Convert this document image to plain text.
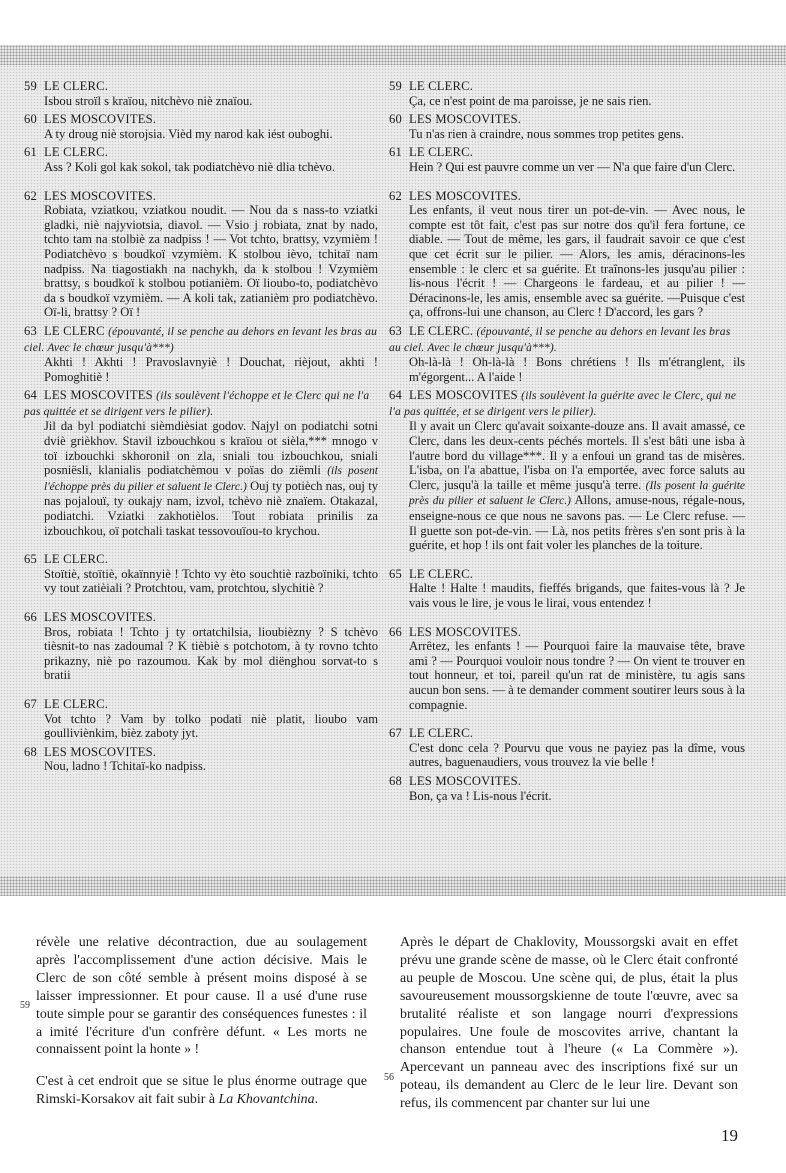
59 LE CLERC.
Isbou stroïl s kraïou, nitchèvo niè znaïou.
60 LES MOSCOVITES.
A ty droug niè storojsia. Vièd my narod kak iést ouboghi.
61 LE CLERC.
Ass ? Koli gol kak sokol, tak podiatchèvo niè dlia tchèvo.
62 LES MOSCOVITES.
Robiata, vziatkou, vziatkou noudit. — Nou da s nass-to vziatki gladki, niè najyviotsia, diavol. — Vsio j robiata, znat by nado, tchto tam na stolbiè za nadpiss ! — Vot tchto, brattsy, vzymièm ! Podiatchèvo s boudkoï vzymièm. K stolbou ièvo, tchitaï nam nadpiss. Na tiagostiakh na nachykh, da k stolbou ! Vzymièm brattsy, s boudkoï k stolbou potianièm. Oï lioubo-to, podiatchèvo da s boudkoï vzymièm. — A koli tak, zatianièm pro podiatchèvo. Oï-li, brattsy ? Oï !
63 LE CLERC (épouvanté, il se penche au dehors en levant les bras au ciel. Avec le chœur jusqu'à***)
Akhti ! Akhti ! Pravoslavnyiè ! Douchat, rièjout, akhti ! Pomoghitiè !
64 LES MOSCOVITES (ils soulèvent l'échoppe et le Clerc qui ne l'a pas quittée et se dirigent vers le pilier).
Jil da byl podiatchi sièmdièsiat godov. Najyl on podiatchi sotni dviè grièkhov. Stavil izbouchkou s kraïou ot sièla,*** mnogo v toï izbouchki skhoronil on zla, sniali tou izbouchkou, sniali posniësli, klanialis podiatchèmou v poïas do ziëmli (ils posent l'échoppe près du pilier et saluent le Clerc.) Ouj ty potièch nas, ouj ty nas pojalouï, ty oukajy nam, izvol, tchèvo niè znaïem. Otakazal, podiatchi. Vziatki zakhotièlos. Tout robiata prinilis za izbouchkou, oï potchali taskat tessovouïou-to krychou.
65 LE CLERC.
Stoïtiè, stoïtiè, okaïnnyiè ! Tchto vy èto souchtiè razboïniki, tchto vy tout zatièiali ? Protchtou, vam, protchtou, slychitiè ?
66 LES MOSCOVITES.
Bros, robiata ! Tchto j ty ortatchilsia, lioubièzny ? S tchèvo tièsnit-to nas zadoumal ? K tièbiè s potchotom, à ty rovno tchto prikazny, niè po razoumou. Kak by mol diënghou sorvat-to s bratii
67 LE CLERC.
Vot tchto ? Vam by tolko podati niè platit, lioubo vam goulliviènkim, bièz zaboty jyt.
68 LES MOSCOVITES.
Nou, ladno ! Tchitaï-ko nadpiss.
59 LE CLERC.
Ça, ce n'est point de ma paroisse, je ne sais rien.
60 LES MOSCOVITES.
Tu n'as rien à craindre, nous sommes trop petites gens.
61 LE CLERC.
Hein ? Qui est pauvre comme un ver — N'a que faire d'un Clerc.
62 LES MOSCOVITES.
Les enfants, il veut nous tirer un pot-de-vin. — Avec nous, le compte est tôt fait, c'est pas sur notre dos qu'il fera fortune, ce diable. — Tout de même, les gars, il faudrait savoir ce que c'est que cet écrit sur le pilier. — Alors, les amis, déracinons-les ensemble : le clerc et sa guérite. Et traînons-les jusqu'au pilier : lis-nous l'écrit ! — Chargeons le fardeau, et au pilier ! — Déracinons-le, les amis, ensemble avec sa guérite. —Puisque c'est ça, offrons-lui une chanson, au Clerc ! D'accord, les gars ?
63 LE CLERC. (épouvanté, il se penche au dehors en levant les bras au ciel. Avec le chœur jusqu'à***).
Oh-là-là ! Oh-là-là ! Bons chrétiens ! Ils m'étranglent, ils m'égorgent... A l'aide !
64 LES MOSCOVITES (ils soulèvent la guérite avec le Clerc, qui ne l'a pas quittée, et se dirigent vers le pilier).
Il y avait un Clerc qu'avait soixante-douze ans. Il avait amassé, ce Clerc, dans les deux-cents péchés mortels. Il s'est bâti une isba à l'autre bord du village***. Il y a enfoui un grand tas de misères. L'isba, on l'a abattue, l'isba on l'a emportée, avec force saluts au Clerc, jusqu'à la taille et même jusqu'à terre. (Ils posent la guérite près du pilier et saluent le Clerc.) Allons, amuse-nous, régale-nous, enseigne-nous ce que nous ne savons pas. — Le Clerc refuse. — Il guette son pot-de-vin. — Là, nos petits frères s'en sont pris à la guérite, et hop ! ils ont fait voler les planches de la toiture.
65 LE CLERC.
Halte ! Halte ! maudits, fieffés brigands, que faites-vous là ? Je vais vous le lire, je vous le lirai, vous entendez !
66 LES MOSCOVITES.
Arrêtez, les enfants ! — Pourquoi faire la mauvaise tête, brave ami ? — Pourquoi vouloir nous tondre ? — On vient te trouver en tout honneur, et toi, pareil qu'un rat de ministère, tu agis sans aucun bon sens. — à te demander comment soutirer leurs sous à la compagnie.
67 LE CLERC.
C'est donc cela ? Pourvu que vous ne payiez pas la dîme, vous autres, baguenaudiers, vous trouvez la vie belle !
68 LES MOSCOVITES.
Bon, ça va ! Lis-nous l'écrit.

révèle une relative décontraction, due au soulagement après l'accomplissement d'une action décisive. Mais le Clerc de son côté semble à présent moins disposé à se laisser impressionner. Et pour cause. Il a usé d'une ruse toute simple pour se garantir des conséquences funestes : il a imité l'écriture d'un confrère défunt. « Les morts ne connaissent point la honte » !

C'est à cet endroit que se situe le plus énorme outrage que Rimski-Korsakov ait fait subir à La Khovantchina.

Après le départ de Chaklovity, Moussorgski avait en effet prévu une grande scène de masse, où le Clerc était confronté au peuple de Moscou. Une scène qui, de plus, était la plus savoureusement moussorgskienne de toute l'œuvre, avec sa brutalité réaliste et son langage nourri d'expressions populaires. Une foule de moscovites arrive, chantant la chanson entendue tout à l'heure (« La Commère »). Apercevant un panneau avec des inscriptions fixé sur un poteau, ils demandent au Clerc de le leur lire. Devant son refus, ils commencent par chanter sur lui une

59
56
19
